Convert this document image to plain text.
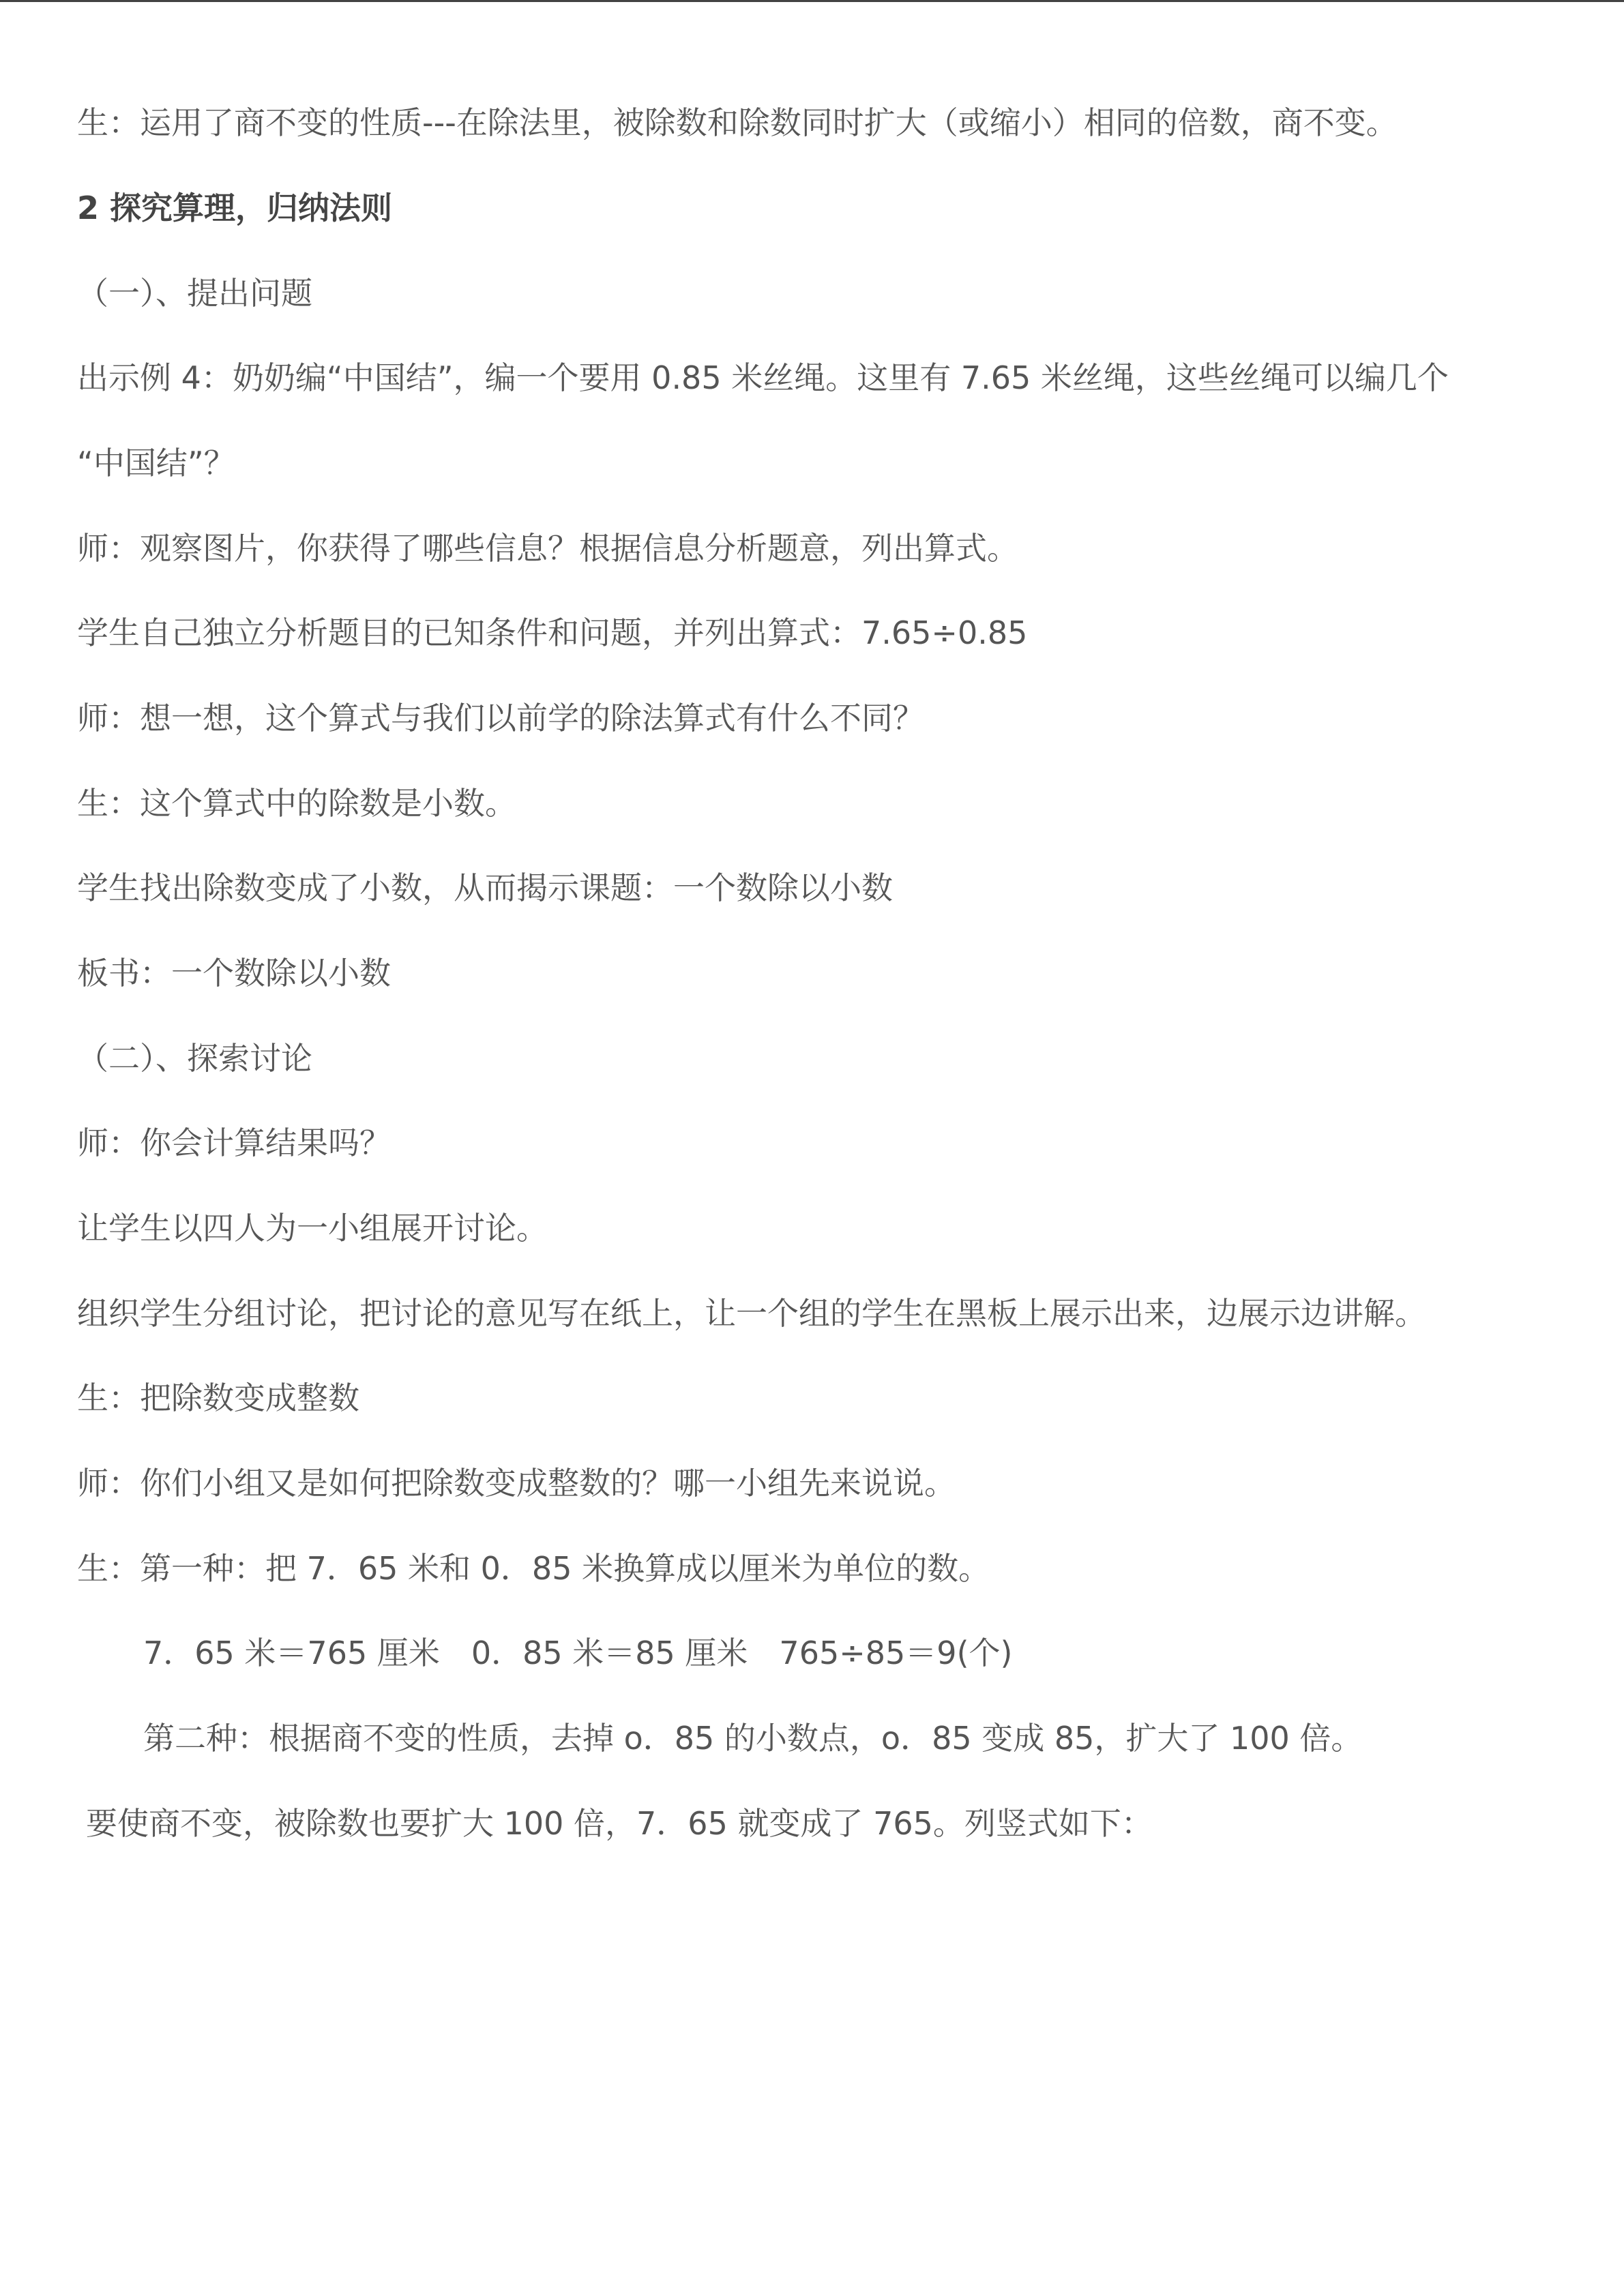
生：运用了商不变的性质---在除法里，被除数和除数同时扩大（或缩小）相同的倍数，商不变。
2 探究算理，归纳法则
（一）、提出问题
出示例 4：奶奶编“中国结”，编一个要用 0.85 米丝绳。这里有 7.65 米丝绳，这些丝绳可以编几个
“中国结”？
师：观察图片，你获得了哪些信息？根据信息分析题意，列出算式。
学生自己独立分析题目的已知条件和问题，并列出算式：7.65÷0.85
师：想一想，这个算式与我们以前学的除法算式有什么不同？
生：这个算式中的除数是小数。
学生找出除数变成了小数，从而揭示课题：一个数除以小数
板书：一个数除以小数
（二）、探索讨论
师：你会计算结果吗？
让学生以四人为一小组展开讨论。
组织学生分组讨论，把讨论的意见写在纸上，让一个组的学生在黑板上展示出来，边展示边讲解。
生：把除数变成整数
师：你们小组又是如何把除数变成整数的？哪一小组先来说说。
生：第一种：把 7．65 米和 0．85 米换算成以厘米为单位的数。
7．65 米＝765 厘米　0．85 米＝85 厘米　765÷85＝9(个)
第二种：根据商不变的性质，去掉 o．85 的小数点，o．85 变成 85，扩大了 100 倍。
要使商不变，被除数也要扩大 100 倍，7．65 就变成了 765。列竖式如下：
